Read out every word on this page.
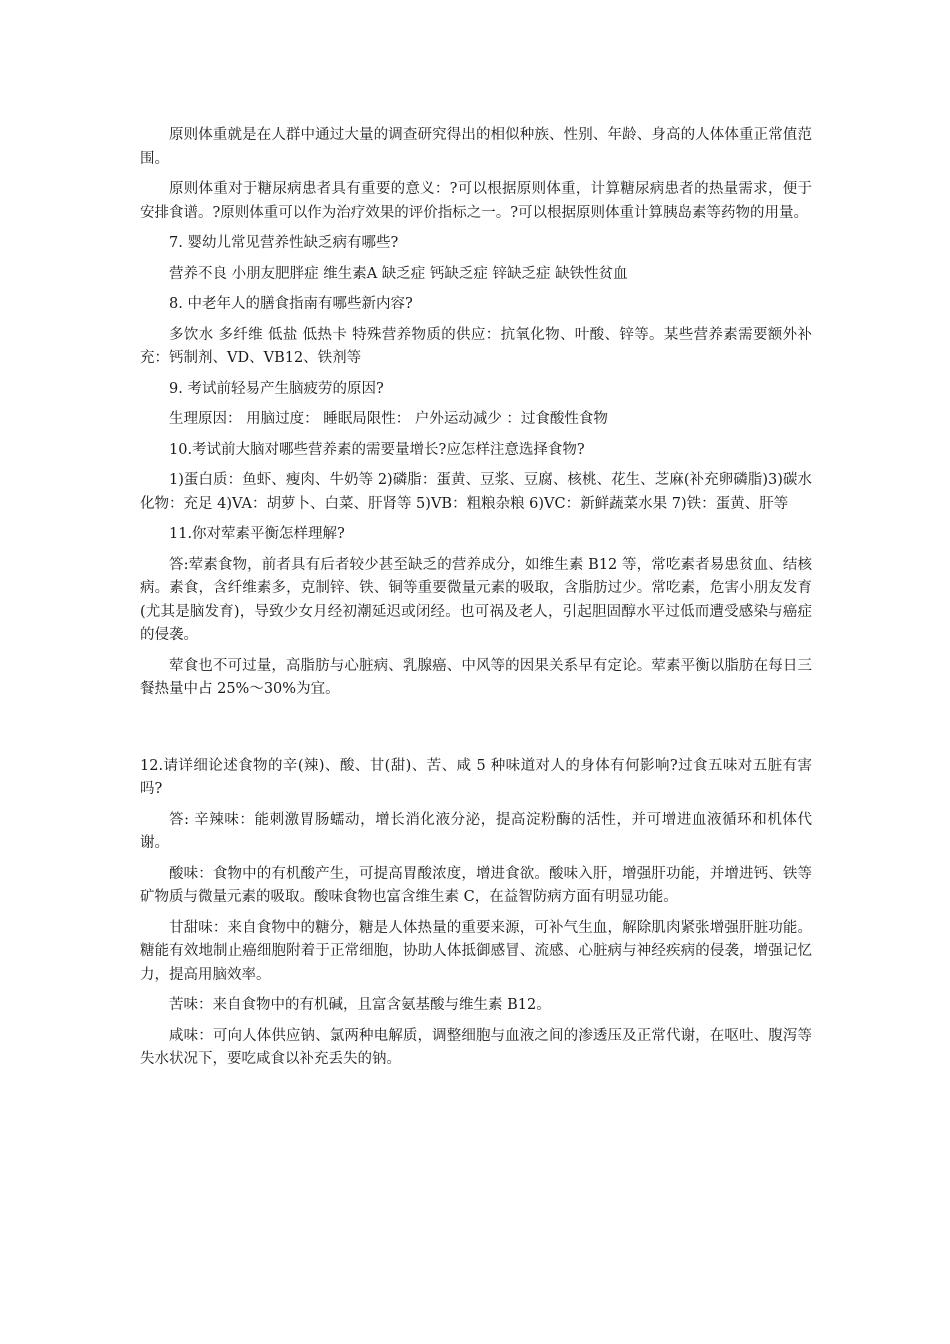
原则体重就是在人群中通过大量的调查研究得出的相似种族、性别、年龄、身高的人体体重正常值范围。

原则体重对于糖尿病患者具有重要的意义：?可以根据原则体重，计算糖尿病患者的热量需求，便于安排食谱。?原则体重可以作为治疗效果的评价指标之一。?可以根据原则体重计算胰岛素等药物的用量。

7. 婴幼儿常见营养性缺乏病有哪些?

营养不良 小朋友肥胖症 维生素A 缺乏症 钙缺乏症 锌缺乏症 缺铁性贫血

8. 中老年人的膳食指南有哪些新内容?

多饮水 多纤维 低盐 低热卡 特殊营养物质的供应：抗氧化物、叶酸、锌等。某些营养素需要额外补充：钙制剂、VD、VB12、铁剂等

9. 考试前轻易产生脑疲劳的原因?

生理原因： 用脑过度： 睡眠局限性： 户外运动减少 ：过食酸性食物

10.考试前大脑对哪些营养素的需要量增长?应怎样注意选择食物?

1)蛋白质：鱼虾、瘦肉、牛奶等 2)磷脂：蛋黄、豆浆、豆腐、核桃、花生、芝麻(补充卵磷脂)3)碳水化物：充足 4)VA：胡萝卜、白菜、肝肾等 5)VB：粗粮杂粮 6)VC：新鲜蔬菜水果 7)铁：蛋黄、肝等

11.你对荤素平衡怎样理解?

答:荤素食物，前者具有后者较少甚至缺乏的营养成分，如维生素 B12 等，常吃素者易患贫血、结核病。素食，含纤维素多，克制锌、铁、铜等重要微量元素的吸取，含脂肪过少。常吃素，危害小朋友发育(尤其是脑发育)，导致少女月经初潮延迟或闭经。也可祸及老人，引起胆固醇水平过低而遭受感染与癌症的侵袭。

荤食也不可过量，高脂肪与心脏病、乳腺癌、中风等的因果关系早有定论。荤素平衡以脂肪在每日三餐热量中占 25%～30%为宜。

12.请详细论述食物的辛(辣)、酸、甘(甜)、苦、咸 5 种味道对人的身体有何影响?过食五味对五脏有害吗?

答: 辛辣味：能刺激胃肠蠕动，增长消化液分泌，提高淀粉酶的活性，并可增进血液循环和机体代谢。

酸味：食物中的有机酸产生，可提高胃酸浓度，增进食欲。酸味入肝，增强肝功能，并增进钙、铁等矿物质与微量元素的吸取。酸味食物也富含维生素 C，在益智防病方面有明显功能。

甘甜味：来自食物中的糖分，糖是人体热量的重要来源，可补气生血，解除肌肉紧张增强肝脏功能。糖能有效地制止癌细胞附着于正常细胞，协助人体抵御感冒、流感、心脏病与神经疾病的侵袭，增强记忆力，提高用脑效率。

苦味：来自食物中的有机碱，且富含氨基酸与维生素 B12。

咸味：可向人体供应钠、氯两种电解质，调整细胞与血液之间的渗透压及正常代谢，在呕吐、腹泻等失水状况下，要吃咸食以补充丢失的钠。
